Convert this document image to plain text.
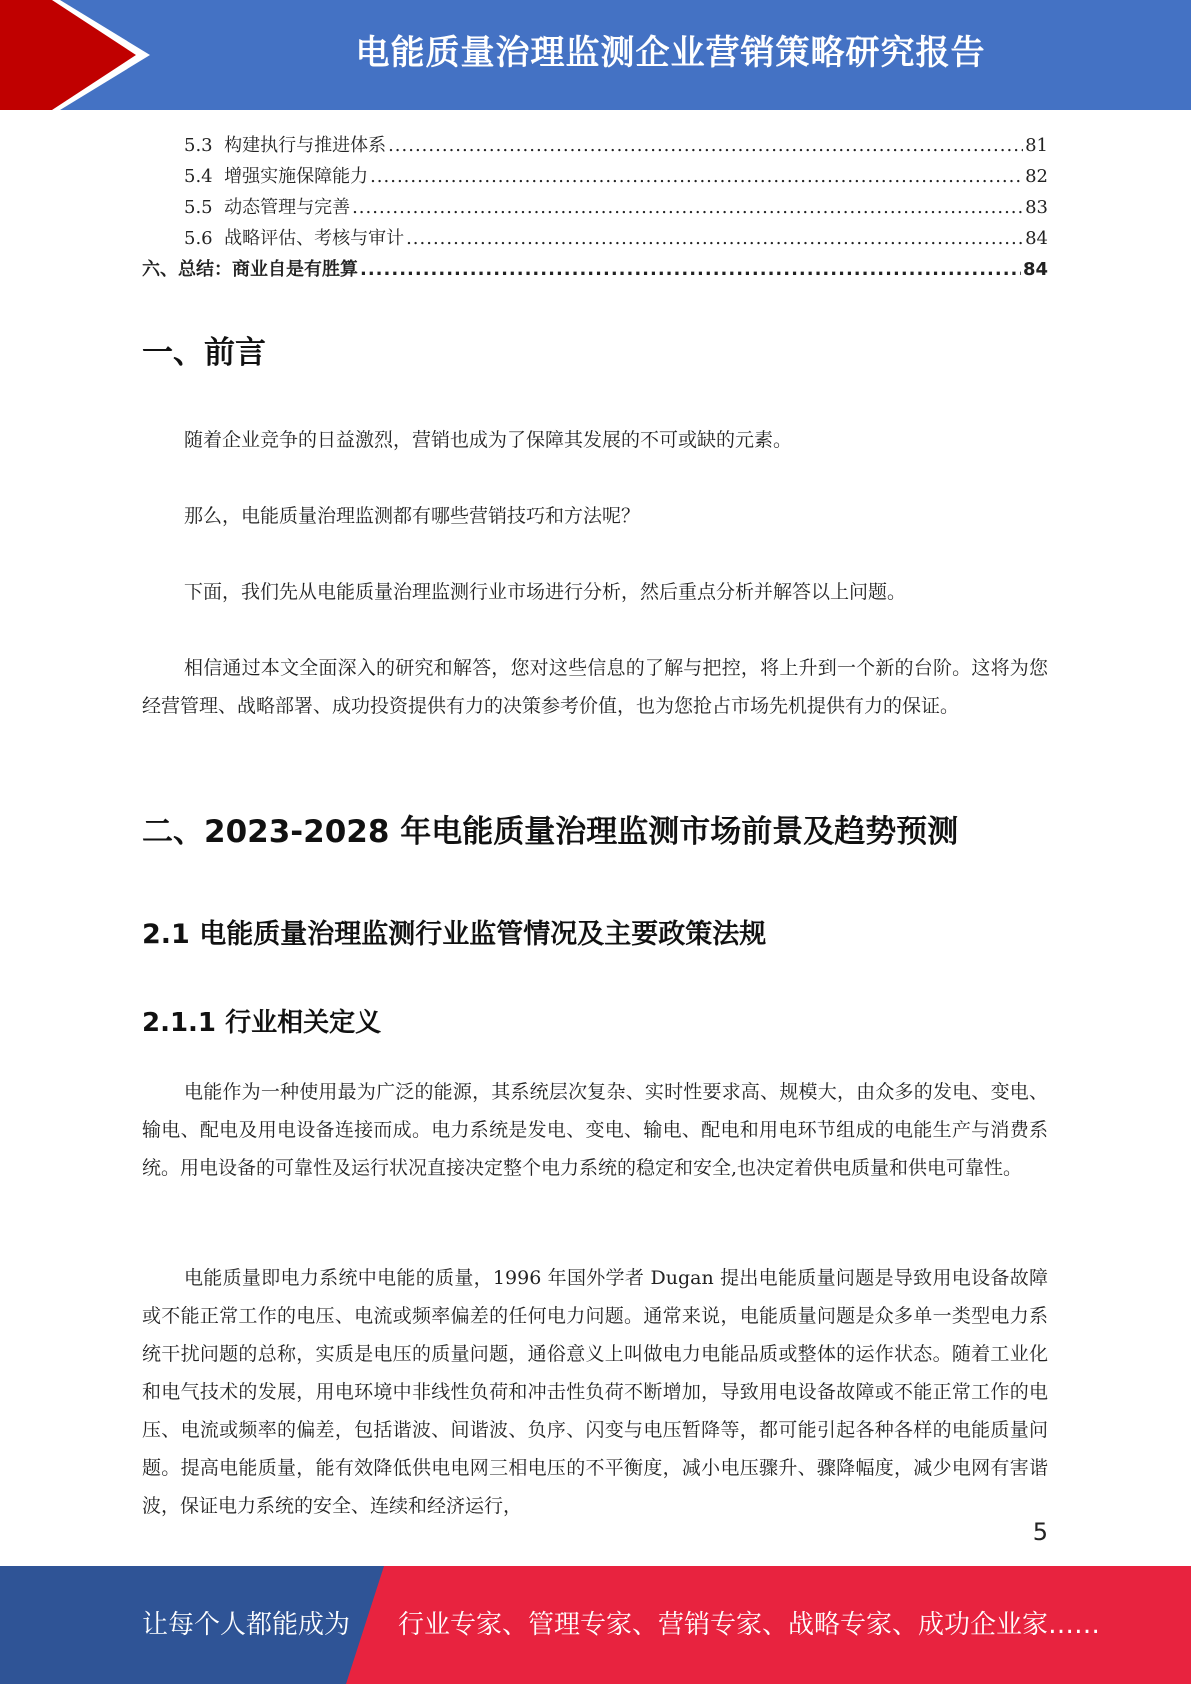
电能质量治理监测企业营销策略研究报告
5.3 构建执行与推进体系 .....	81
5.4 增强实施保障能力 .....	82
5.5 动态管理与完善 .....	83
5.6 战略评估、考核与审计 .....	84
六、总结：商业自是有胜算 .....	84
一、前言

随着企业竞争的日益激烈，营销也成为了保障其发展的不可或缺的元素。

那么，电能质量治理监测都有哪些营销技巧和方法呢？

下面，我们先从电能质量治理监测行业市场进行分析，然后重点分析并解答以上问题。

相信通过本文全面深入的研究和解答，您对这些信息的了解与把控，将上升到一个新的台阶。这将为您经营管理、战略部署、成功投资提供有力的决策参考价值，也为您抢占市场先机提供有力的保证。

二、2023-2028 年电能质量治理监测市场前景及趋势预测
2.1 电能质量治理监测行业监管情况及主要政策法规
2.1.1 行业相关定义

电能作为一种使用最为广泛的能源，其系统层次复杂、实时性要求高、规模大，由众多的发电、变电、输电、配电及用电设备连接而成。电力系统是发电、变电、输电、配电和用电环节组成的电能生产与消费系统。用电设备的可靠性及运行状况直接决定整个电力系统的稳定和安全,也决定着供电质量和供电可靠性。

电能质量即电力系统中电能的质量，1996 年国外学者 Dugan 提出电能质量问题是导致用电设备故障或不能正常工作的电压、电流或频率偏差的任何电力问题。通常来说，电能质量问题是众多单一类型电力系统干扰问题的总称，实质是电压的质量问题，通俗意义上叫做电力电能品质或整体的运作状态。随着工业化和电气技术的发展，用电环境中非线性负荷和冲击性负荷不断增加，导致用电设备故障或不能正常工作的电压、电流或频率的偏差，包括谐波、间谐波、负序、闪变与电压暂降等，都可能引起各种各样的电能质量问题。提高电能质量，能有效降低供电电网三相电压的不平衡度，减小电压骤升、骤降幅度，减少电网有害谐波，保证电力系统的安全、连续和经济运行，

5
让每个人都能成为 行业专家、管理专家、营销专家、战略专家、成功企业家……
